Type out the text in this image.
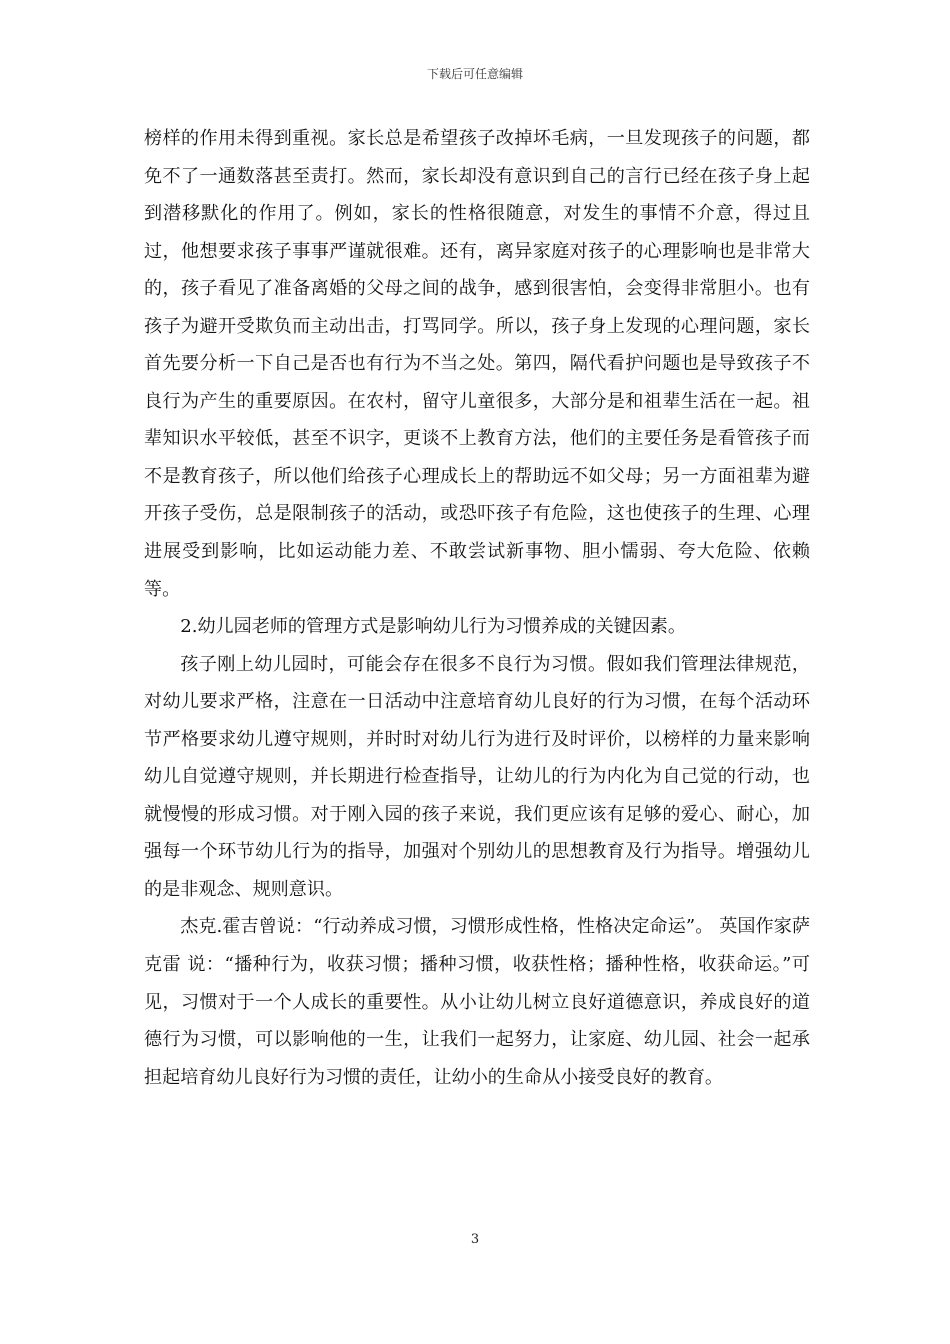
下载后可任意编辑

榜样的作用未得到重视。家长总是希望孩子改掉坏毛病，一旦发现孩子的问题，都免不了一通数落甚至责打。然而，家长却没有意识到自己的言行已经在孩子身上起到潜移默化的作用了。例如，家长的性格很随意，对发生的事情不介意，得过且过，他想要求孩子事事严谨就很难。还有，离异家庭对孩子的心理影响也是非常大的，孩子看见了准备离婚的父母之间的战争，感到很害怕，会变得非常胆小。也有孩子为避开受欺负而主动出击，打骂同学。所以，孩子身上发现的心理问题，家长首先要分析一下自己是否也有行为不当之处。第四，隔代看护问题也是导致孩子不良行为产生的重要原因。在农村，留守儿童很多，大部分是和祖辈生活在一起。祖辈知识水平较低，甚至不识字，更谈不上教育方法，他们的主要任务是看管孩子而不是教育孩子，所以他们给孩子心理成长上的帮助远不如父母；另一方面祖辈为避开孩子受伤，总是限制孩子的活动，或恐吓孩子有危险，这也使孩子的生理、心理进展受到影响，比如运动能力差、不敢尝试新事物、胆小懦弱、夸大危险、依赖等。

2.幼儿园老师的管理方式是影响幼儿行为习惯养成的关键因素。

孩子刚上幼儿园时，可能会存在很多不良行为习惯。假如我们管理法律规范，对幼儿要求严格，注意在一日活动中注意培育幼儿良好的行为习惯，在每个活动环节严格要求幼儿遵守规则，并时时对幼儿行为进行及时评价，以榜样的力量来影响幼儿自觉遵守规则，并长期进行检查指导，让幼儿的行为内化为自己觉的行动，也就慢慢的形成习惯。对于刚入园的孩子来说，我们更应该有足够的爱心、耐心，加强每一个环节幼儿行为的指导，加强对个别幼儿的思想教育及行为指导。增强幼儿的是非观念、规则意识。

杰克.霍吉曾说：“行动养成习惯，习惯形成性格，性格决定命运”。 英国作家萨克雷 说：“播种行为，收获习惯；播种习惯，收获性格；播种性格，收获命运。”可见，习惯对于一个人成长的重要性。从小让幼儿树立良好道德意识，养成良好的道德行为习惯，可以影响他的一生，让我们一起努力，让家庭、幼儿园、社会一起承担起培育幼儿良好行为习惯的责任，让幼小的生命从小接受良好的教育。

3
